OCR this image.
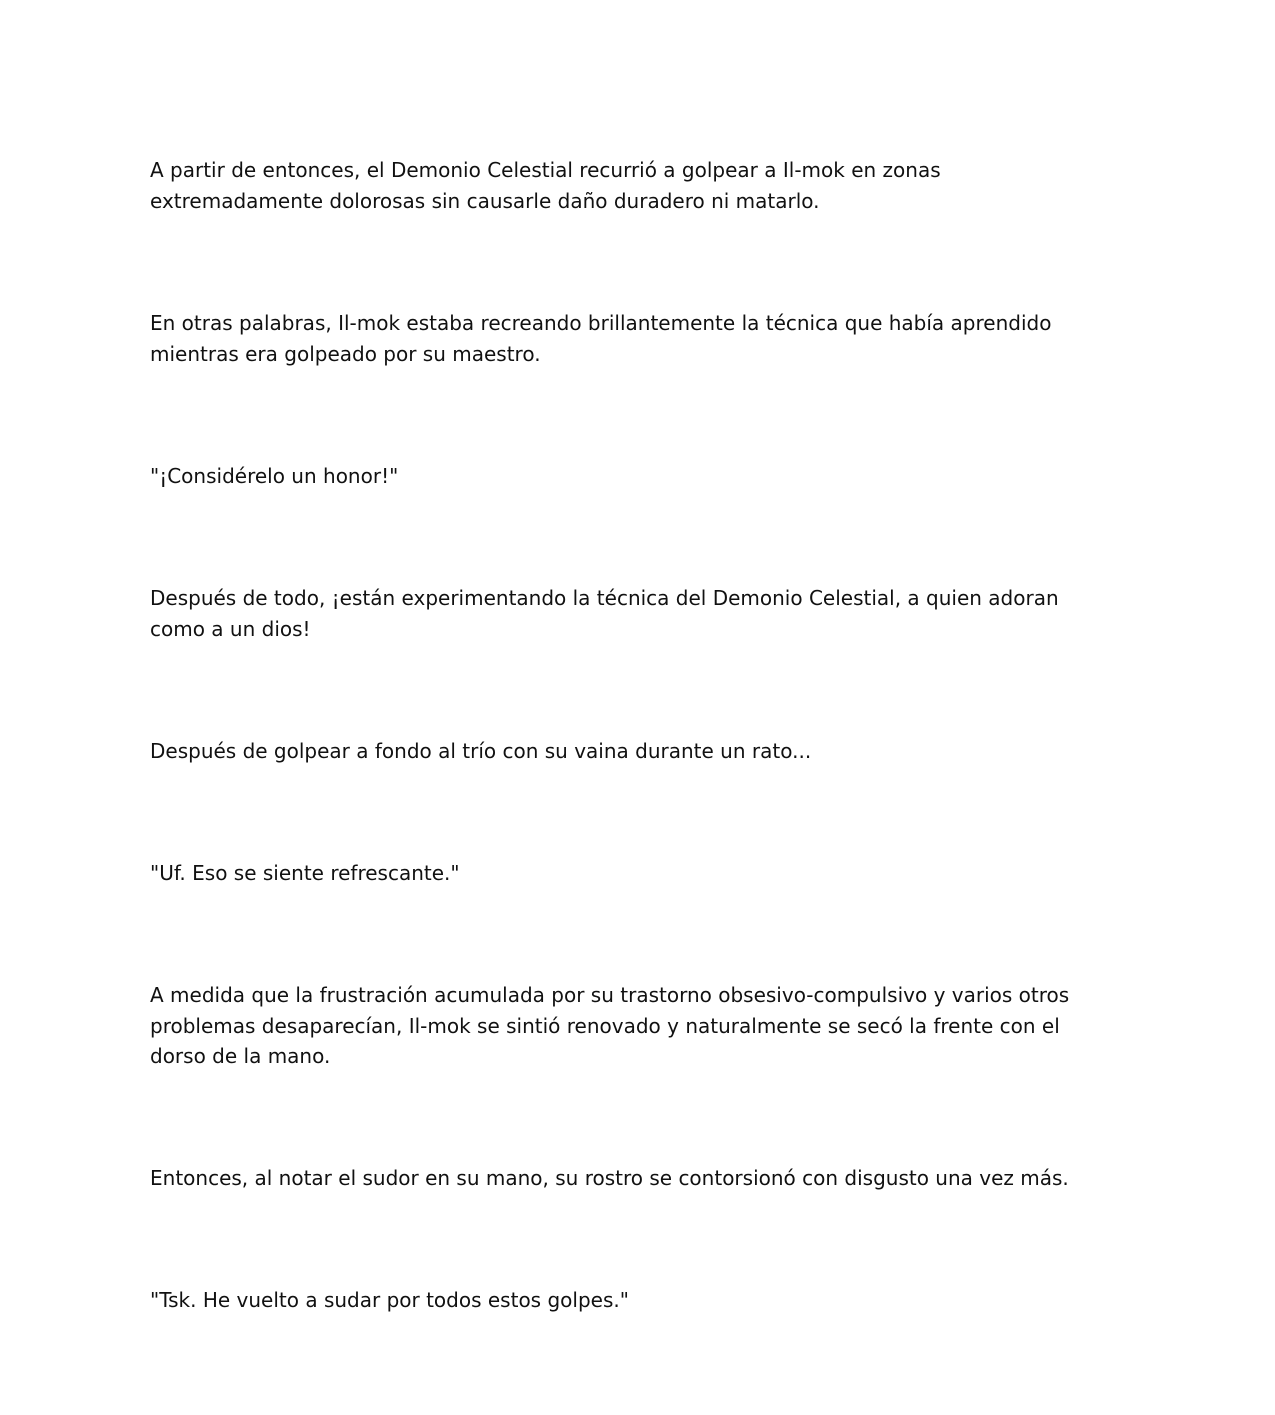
A partir de entonces, el Demonio Celestial recurrió a golpear a Il-mok en zonas extremadamente dolorosas sin causarle daño duradero ni matarlo.

En otras palabras, Il-mok estaba recreando brillantemente la técnica que había aprendido mientras era golpeado por su maestro.

"¡Considérelo un honor!"

Después de todo, ¡están experimentando la técnica del Demonio Celestial, a quien adoran como a un dios!

Después de golpear a fondo al trío con su vaina durante un rato...

"Uf. Eso se siente refrescante."

A medida que la frustración acumulada por su trastorno obsesivo-compulsivo y varios otros problemas desaparecían, Il-mok se sintió renovado y naturalmente se secó la frente con el dorso de la mano.

Entonces, al notar el sudor en su mano, su rostro se contorsionó con disgusto una vez más.

"Tsk. He vuelto a sudar por todos estos golpes."
